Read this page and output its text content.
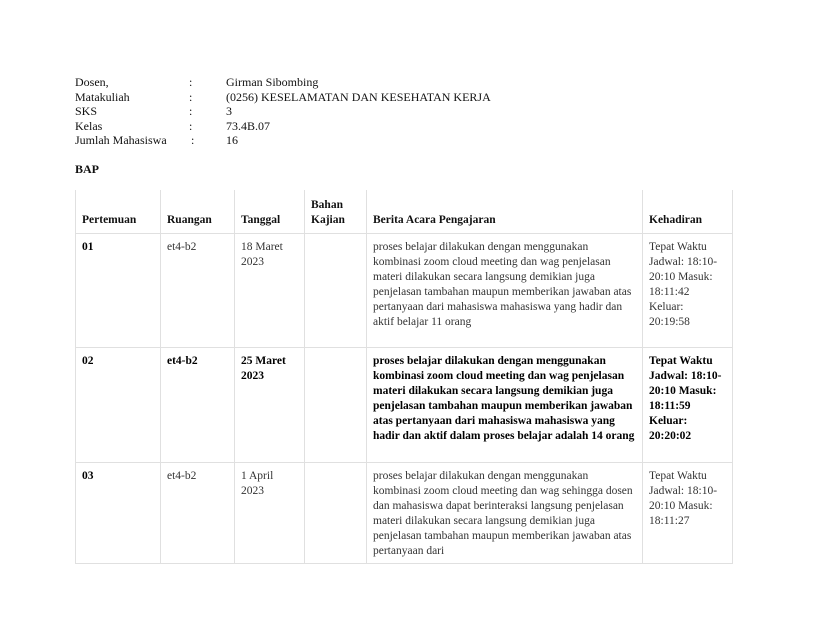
Dosen,	:	Girman Sibombing
Matakuliah	:	(0256) KESELAMATAN DAN KESEHATAN KERJA
SKS	:	3
Kelas	:	73.4B.07
Jumlah Mahasiswa :	16
BAP
Pertemuan	Ruangan	Tanggal	Bahan Kajian	Berita Acara Pengajaran	Kehadiran
01	et4-b2	18 Maret 2023		proses belajar dilakukan dengan menggunakan kombinasi zoom cloud meeting dan wag penjelasan materi dilakukan secara langsung demikian juga penjelasan tambahan maupun memberikan jawaban atas pertanyaan dari mahasiswa mahasiswa yang hadir dan aktif belajar 11 orang	Tepat Waktu Jadwal: 18:10-20:10 Masuk: 18:11:42 Keluar: 20:19:58
02	et4-b2	25 Maret 2023		proses belajar dilakukan dengan menggunakan kombinasi zoom cloud meeting dan wag penjelasan materi dilakukan secara langsung demikian juga penjelasan tambahan maupun memberikan jawaban atas pertanyaan dari mahasiswa mahasiswa yang hadir dan aktif dalam proses belajar adalah 14 orang	Tepat Waktu Jadwal: 18:10-20:10 Masuk: 18:11:59 Keluar: 20:20:02
03	et4-b2	1 April 2023		proses belajar dilakukan dengan menggunakan kombinasi zoom cloud meeting dan wag sehingga dosen dan mahasiswa dapat berinteraksi langsung penjelasan materi dilakukan secara langsung demikian juga penjelasan tambahan maupun memberikan jawaban atas pertanyaan dari	Tepat Waktu Jadwal: 18:10-20:10 Masuk: 18:11:27
